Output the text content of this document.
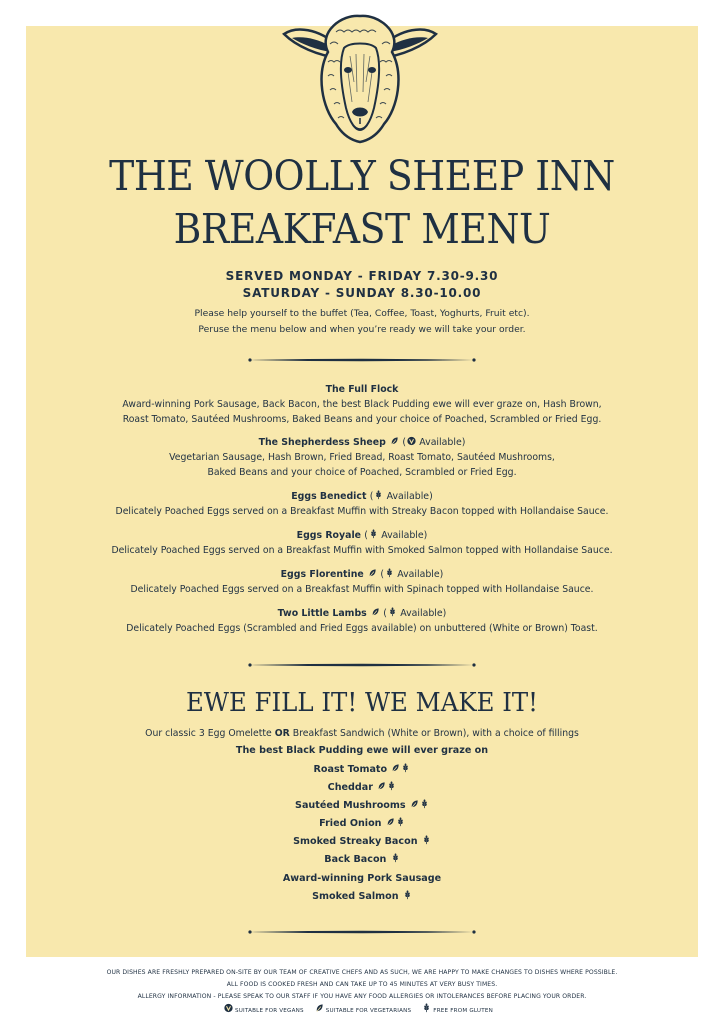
THE WOOLLY SHEEP INN
BREAKFAST MENU
SERVED MONDAY - FRIDAY 7.30-9.30
SATURDAY - SUNDAY 8.30-10.00
Please help yourself to the buffet (Tea, Coffee, Toast, Yoghurts, Fruit etc).
Peruse the menu below and when you’re ready we will take your order.
The Full Flock
Award-winning Pork Sausage, Back Bacon, the best Black Pudding ewe will ever graze on, Hash Brown,
Roast Tomato, Sautéed Mushrooms, Baked Beans and your choice of Poached, Scrambled or Fried Egg.
The Shepherdess Sheep ( Available)
Vegetarian Sausage, Hash Brown, Fried Bread, Roast Tomato, Sautéed Mushrooms,
Baked Beans and your choice of Poached, Scrambled or Fried Egg.
Eggs Benedict ( Available)
Delicately Poached Eggs served on a Breakfast Muffin with Streaky Bacon topped with Hollandaise Sauce.
Eggs Royale ( Available)
Delicately Poached Eggs served on a Breakfast Muffin with Smoked Salmon topped with Hollandaise Sauce.
Eggs Florentine ( Available)
Delicately Poached Eggs served on a Breakfast Muffin with Spinach topped with Hollandaise Sauce.
Two Little Lambs ( Available)
Delicately Poached Eggs (Scrambled and Fried Eggs available) on unbuttered (White or Brown) Toast.
EWE FILL IT! WE MAKE IT!
Our classic 3 Egg Omelette OR Breakfast Sandwich (White or Brown), with a choice of fillings
The best Black Pudding ewe will ever graze on
Roast Tomato
Cheddar
Sautéed Mushrooms
Fried Onion
Smoked Streaky Bacon
Back Bacon
Award-winning Pork Sausage
Smoked Salmon
OUR DISHES ARE FRESHLY PREPARED ON-SITE BY OUR TEAM OF CREATIVE CHEFS AND AS SUCH, WE ARE HAPPY TO MAKE CHANGES TO DISHES WHERE POSSIBLE.
ALL FOOD IS COOKED FRESH AND CAN TAKE UP TO 45 MINUTES AT VERY BUSY TIMES.
ALLERGY INFORMATION - PLEASE SPEAK TO OUR STAFF IF YOU HAVE ANY FOOD ALLERGIES OR INTOLERANCES BEFORE PLACING YOUR ORDER.
SUITABLE FOR VEGANS	SUITABLE FOR VEGETARIANS	FREE FROM GLUTEN
